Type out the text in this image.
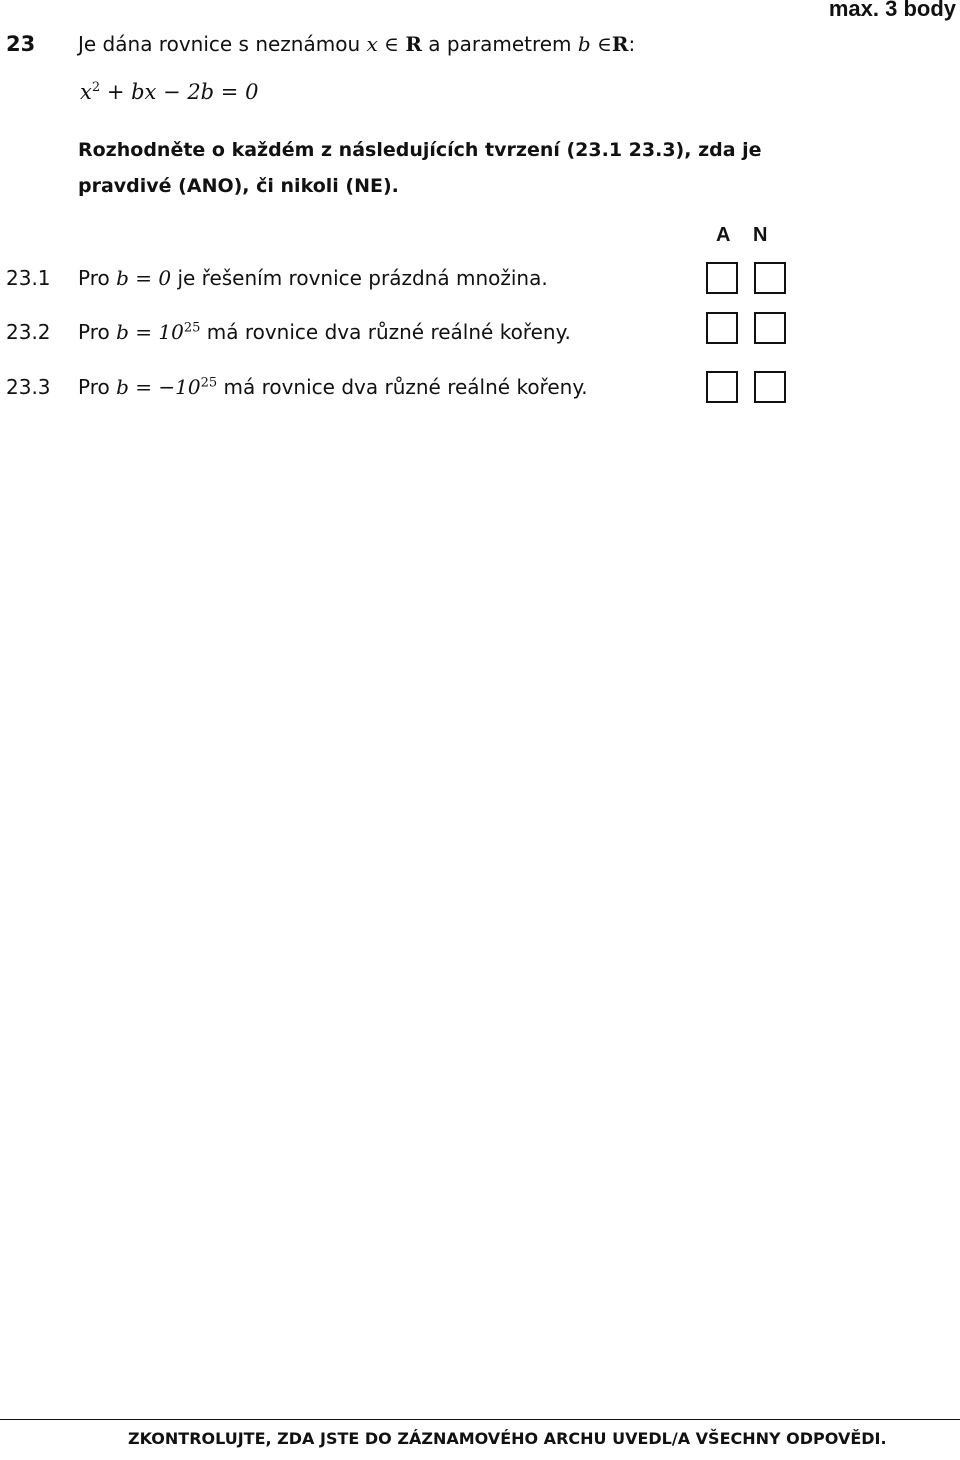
max. 3 body
23 Je dána rovnice s neznámou x ∈ R a parametrem b ∈R:
$x^2$ + bx − 2b = 0
Rozhodněte o každém z následujících tvrzení (23.1 23.3), zda je
pravdivé (ANO), či nikoli (NE).
A N
23.1 Pro b = 0 je řešením rovnice prázdná množina.
23.2 Pro $b = 10^{25}$ má rovnice dva různé reálné kořeny.
23.3 Pro $b = -10^{25}$ má rovnice dva různé reálné kořeny.
ZKONTROLUJTE, ZDA JSTE DO ZÁZNAMOVÉHO ARCHU UVEDL/A VŠECHNY ODPOVĚDI.
